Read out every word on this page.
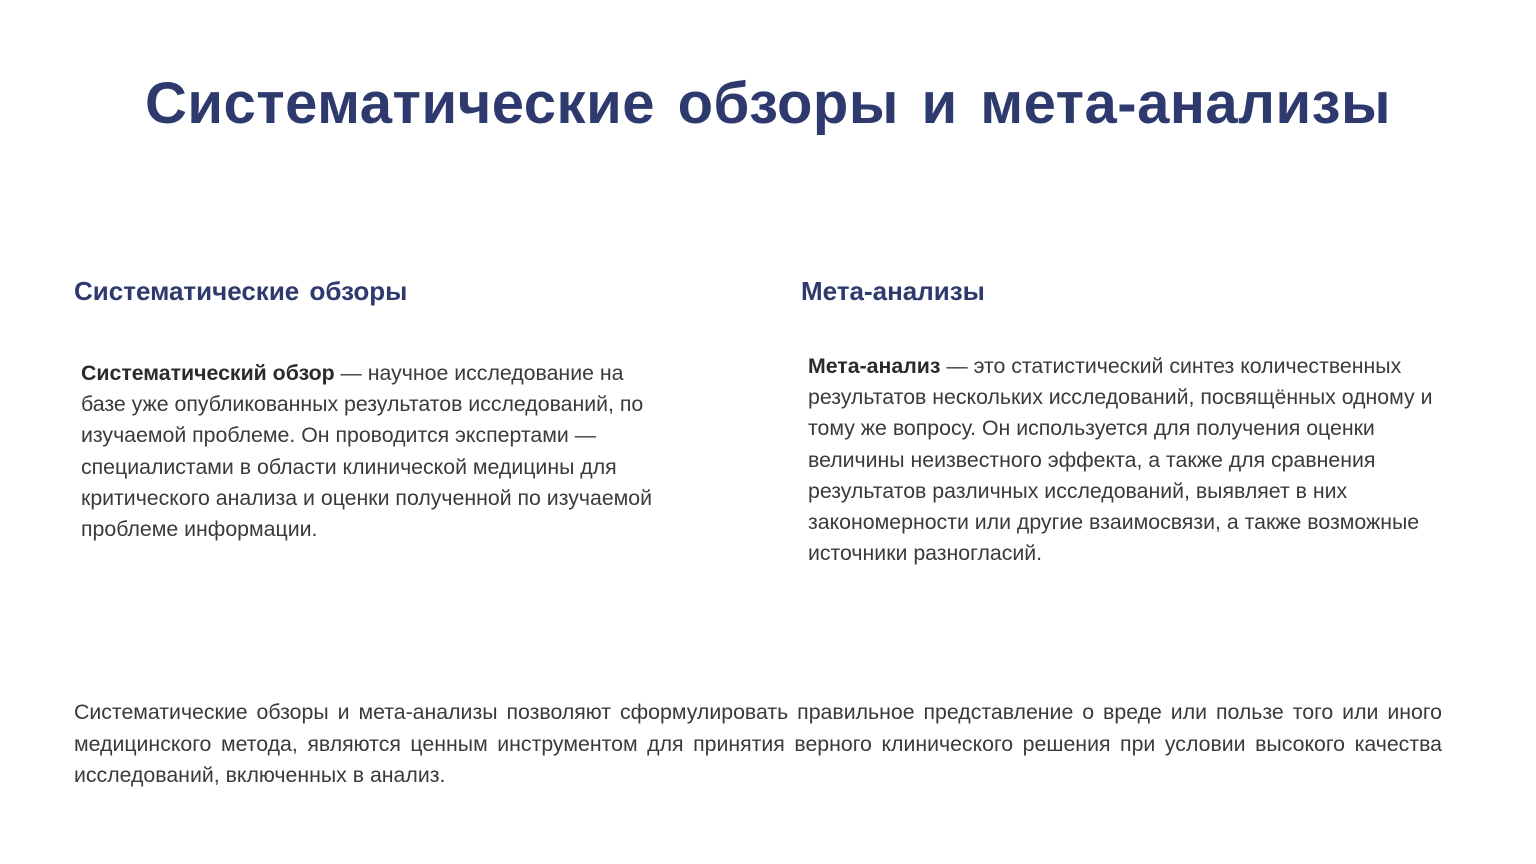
Систематические обзоры и мета-анализы
Систематические обзоры

Систематический обзор — научное исследование на базе уже опубликованных результатов исследований, по изучаемой проблеме. Он проводится экспертами — специалистами в области клинической медицины для критического анализа и оценки полученной по изучаемой проблеме информации.

Мета-анализы

Мета-анализ — это статистический синтез количественных результатов нескольких исследований, посвящённых одному и тому же вопросу. Он используется для получения оценки величины неизвестного эффекта, а также для сравнения результатов различных исследований, выявляет в них закономерности или другие взаимосвязи, а также возможные источники разногласий.

Систематические обзоры и мета-анализы позволяют сформулировать правильное представление о вреде или пользе того или иного медицинского метода, являются ценным инструментом для принятия верного клинического решения при условии высокого качества исследований, включенных в анализ.
